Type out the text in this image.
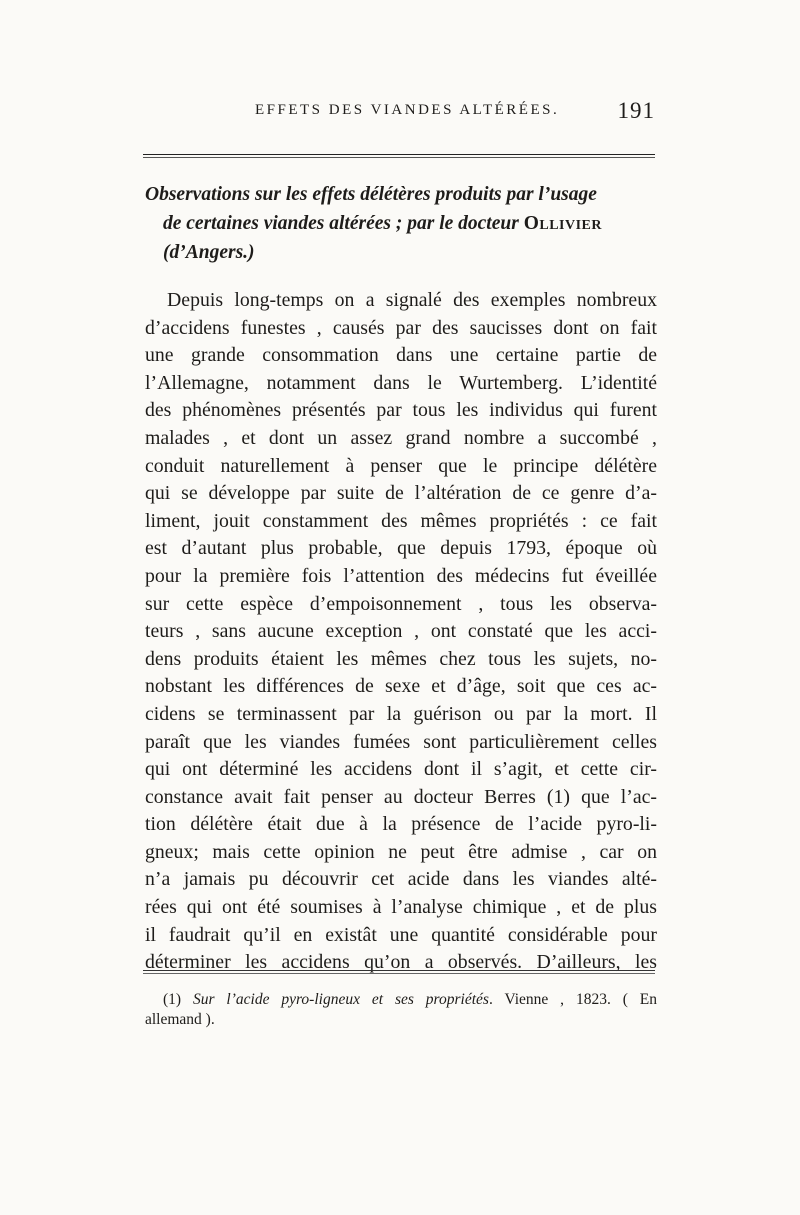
EFFETS DES VIANDES ALTÉRÉES.	191
Observations sur les effets délétères produits par l’usage
de certaines viandes altérées ; par le docteur Ollivier
(d’Angers.)
Depuis long-temps on a signalé des exemples nombreux
d’accidens funestes , causés par des saucisses dont on fait
une grande consommation dans une certaine partie de
l’Allemagne, notamment dans le Wurtemberg. L’identité
des phénomènes présentés par tous les individus qui furent
malades , et dont un assez grand nombre a succombé ,
conduit naturellement à penser que le principe délétère
qui se développe par suite de l’altération de ce genre d’a-
liment, jouit constamment des mêmes propriétés : ce fait
est d’autant plus probable, que depuis 1793, époque où
pour la première fois l’attention des médecins fut éveillée
sur cette espèce d’empoisonnement , tous les observa-
teurs , sans aucune exception , ont constaté que les acci-
dens produits étaient les mêmes chez tous les sujets, no-
nobstant les différences de sexe et d’âge, soit que ces ac-
cidens se terminassent par la guérison ou par la mort. Il
paraît que les viandes fumées sont particulièrement celles
qui ont déterminé les accidens dont il s’agit, et cette cir-
constance avait fait penser au docteur Berres (1) que l’ac-
tion délétère était due à la présence de l’acide pyro-li-
gneux; mais cette opinion ne peut être admise , car on
n’a jamais pu découvrir cet acide dans les viandes alté-
rées qui ont été soumises à l’analyse chimique , et de plus
il faudrait qu’il en existât une quantité considérable pour
déterminer les accidens qu’on a observés. D’ailleurs, les
(1) Sur l’acide pyro-ligneux et ses propriétés. Vienne , 1823. ( En
allemand ).
